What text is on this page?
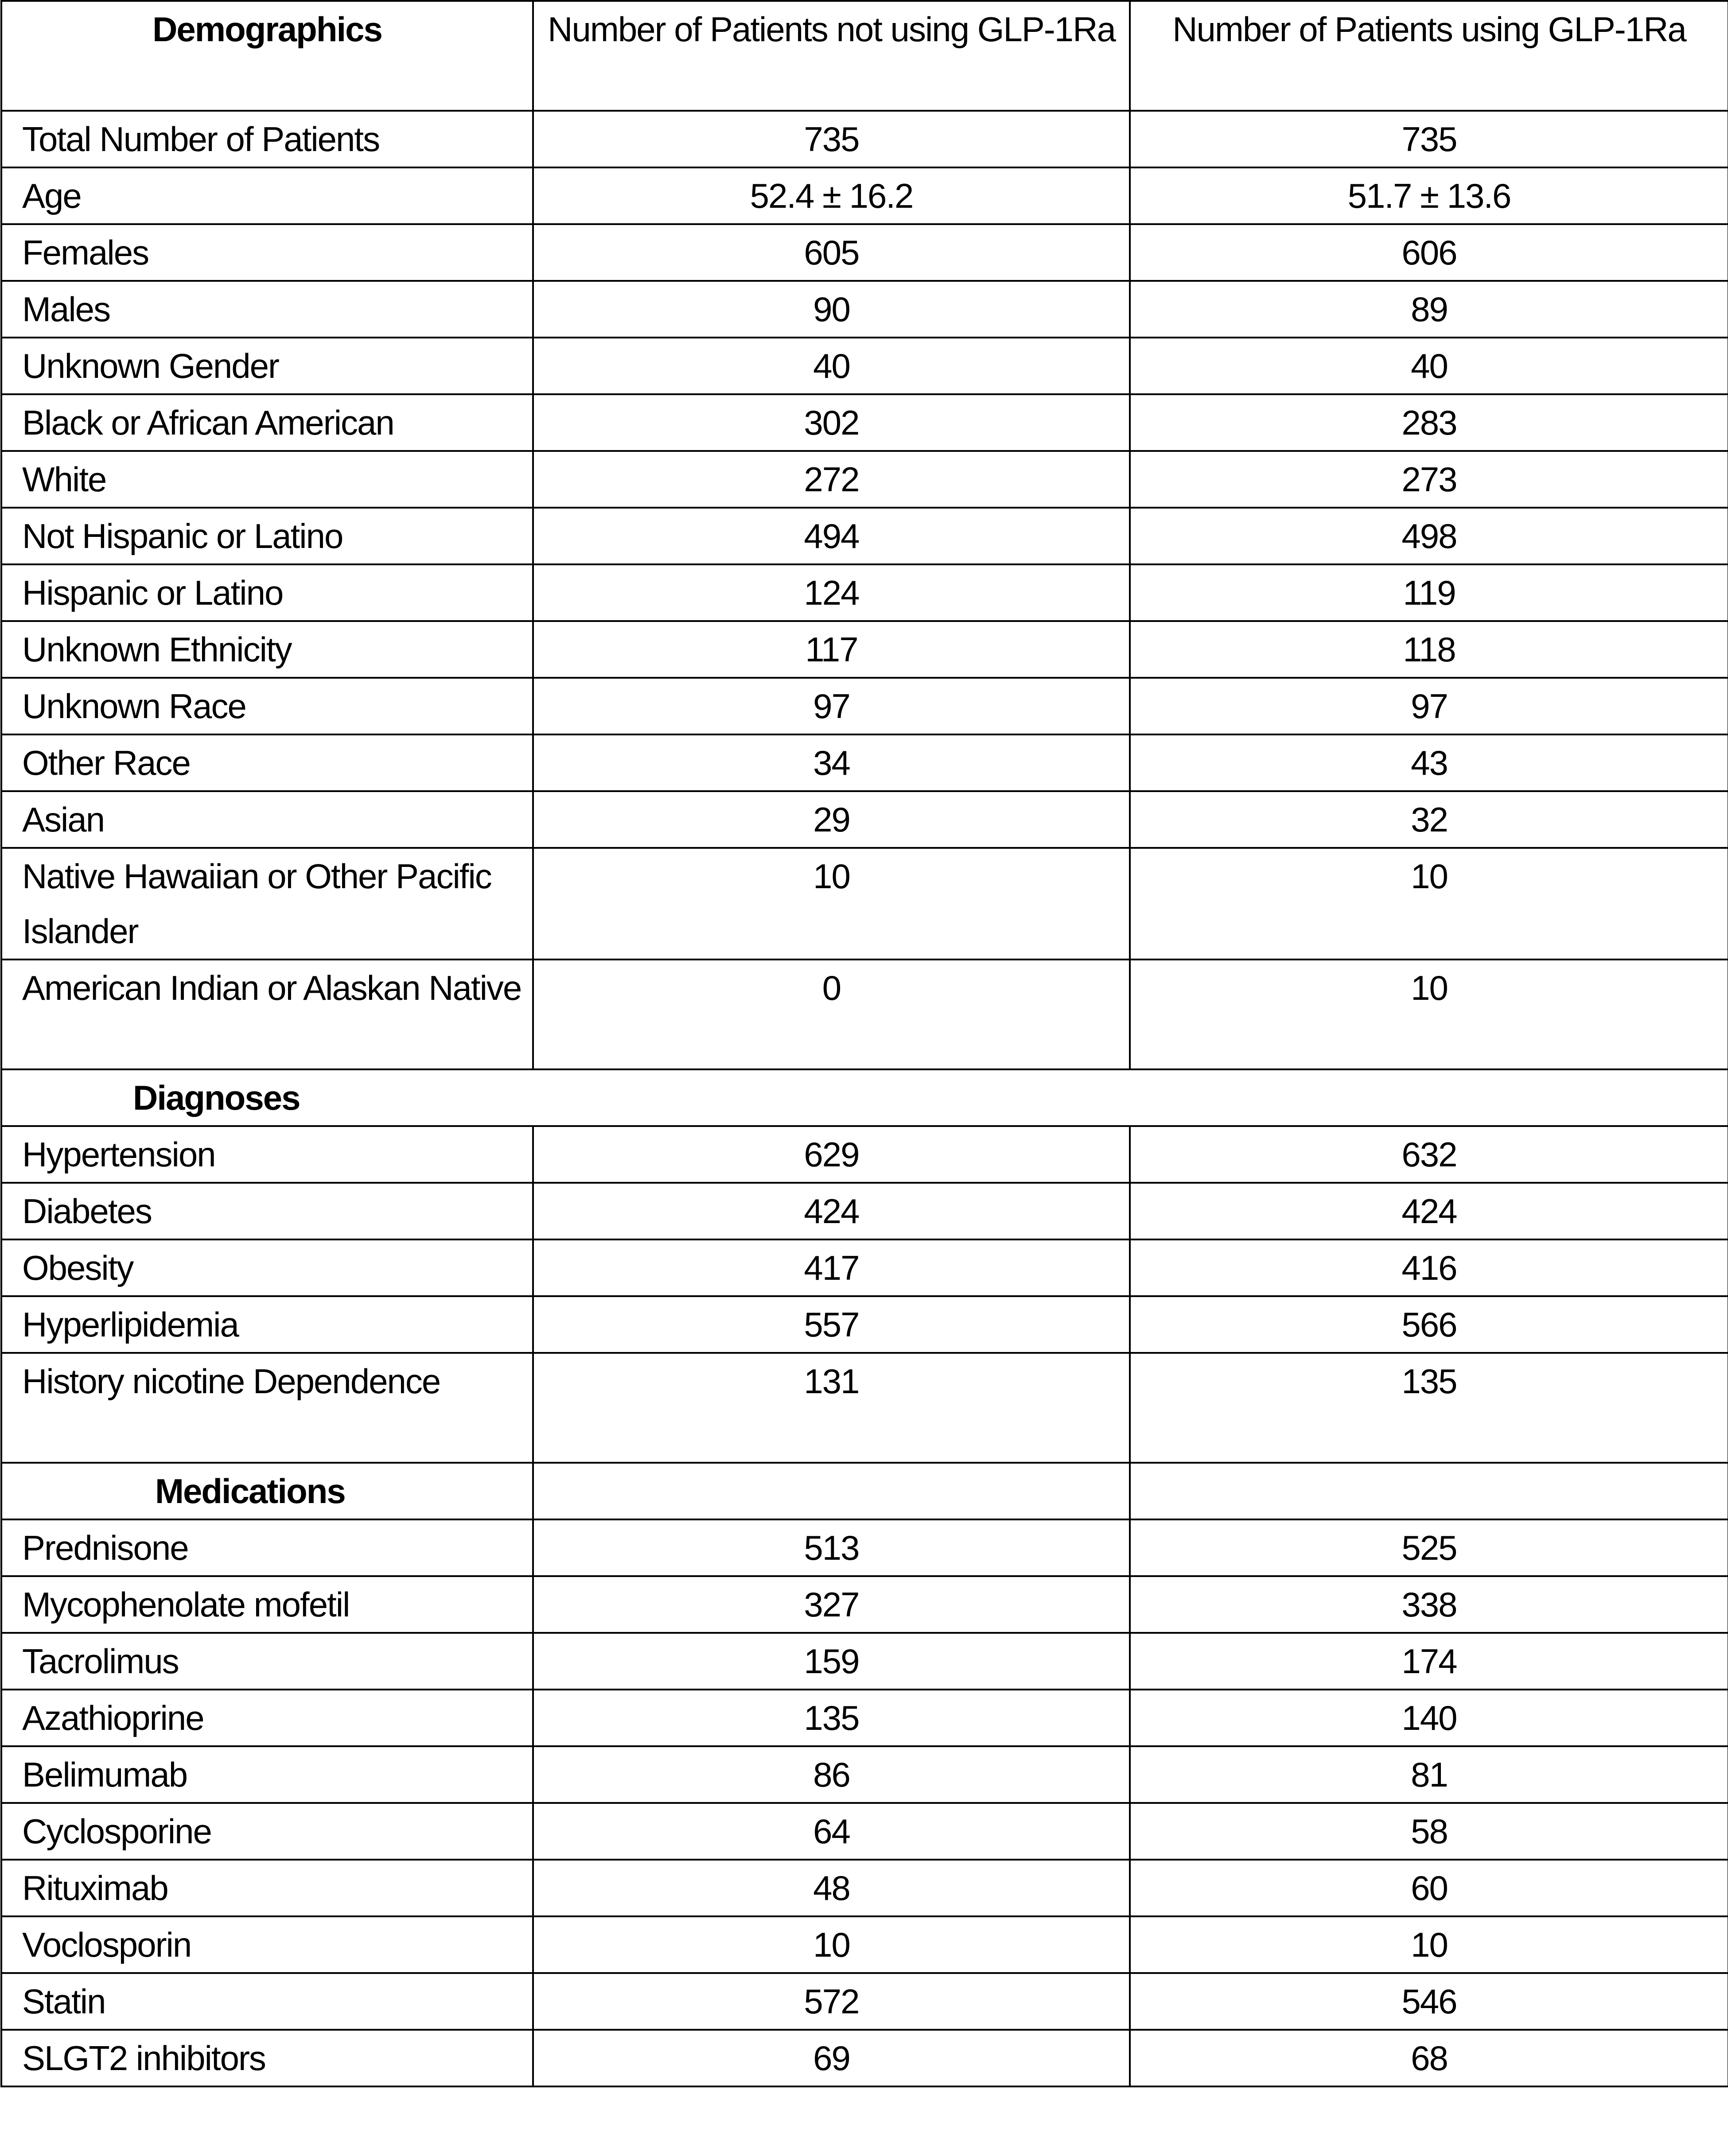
Demographics	Number of Patients not using GLP-1Ra	Number of Patients using GLP-1Ra
Total Number of Patients	735	735
Age	52.4 ± 16.2	51.7 ± 13.6
Females	605	606
Males	90	89
Unknown Gender	40	40
Black or African American	302	283
White	272	273
Not Hispanic or Latino	494	498
Hispanic or Latino	124	119
Unknown Ethnicity	117	118
Unknown Race	97	97
Other Race	34	43
Asian	29	32
Native Hawaiian or Other Pacific Islander	10	10
American Indian or Alaskan Native	0	10
Diagnoses		
Hypertension	629	632
Diabetes	424	424
Obesity	417	416
Hyperlipidemia	557	566
History nicotine Dependence	131	135
Medications		
Prednisone	513	525
Mycophenolate mofetil	327	338
Tacrolimus	159	174
Azathioprine	135	140
Belimumab	86	81
Cyclosporine	64	58
Rituximab	48	60
Voclosporin	10	10
Statin	572	546
SLGT2 inhibitors	69	68
